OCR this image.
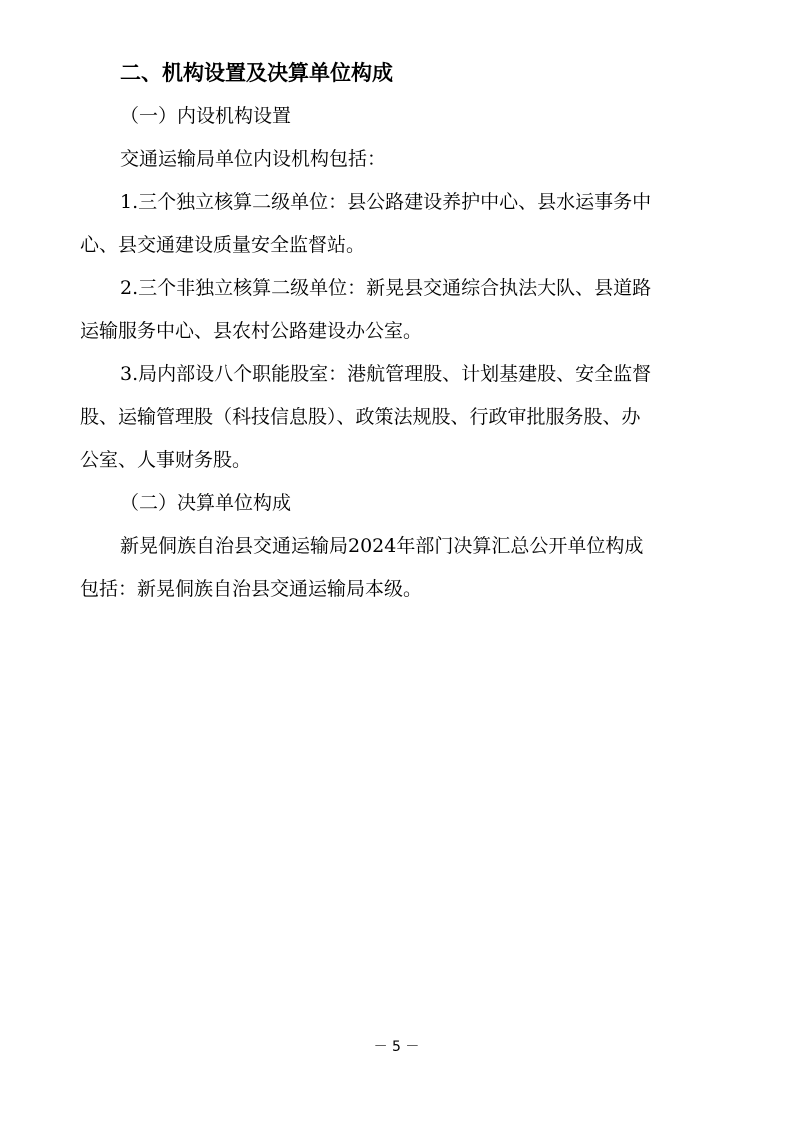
二、机构设置及决算单位构成

（一）内设机构设置

交通运输局单位内设机构包括：

1.三个独立核算二级单位：县公路建设养护中心、县水运事务中
心、县交通建设质量安全监督站。

2.三个非独立核算二级单位：新晃县交通综合执法大队、县道路
运输服务中心、县农村公路建设办公室。

3.局内部设八个职能股室：港航管理股、计划基建股、安全监督
股、运输管理股（科技信息股）、政策法规股、行政审批服务股、办
公室、人事财务股。

（二）决算单位构成

新晃侗族自治县交通运输局2024年部门决算汇总公开单位构成
包括：新晃侗族自治县交通运输局本级。

－ 5 －
